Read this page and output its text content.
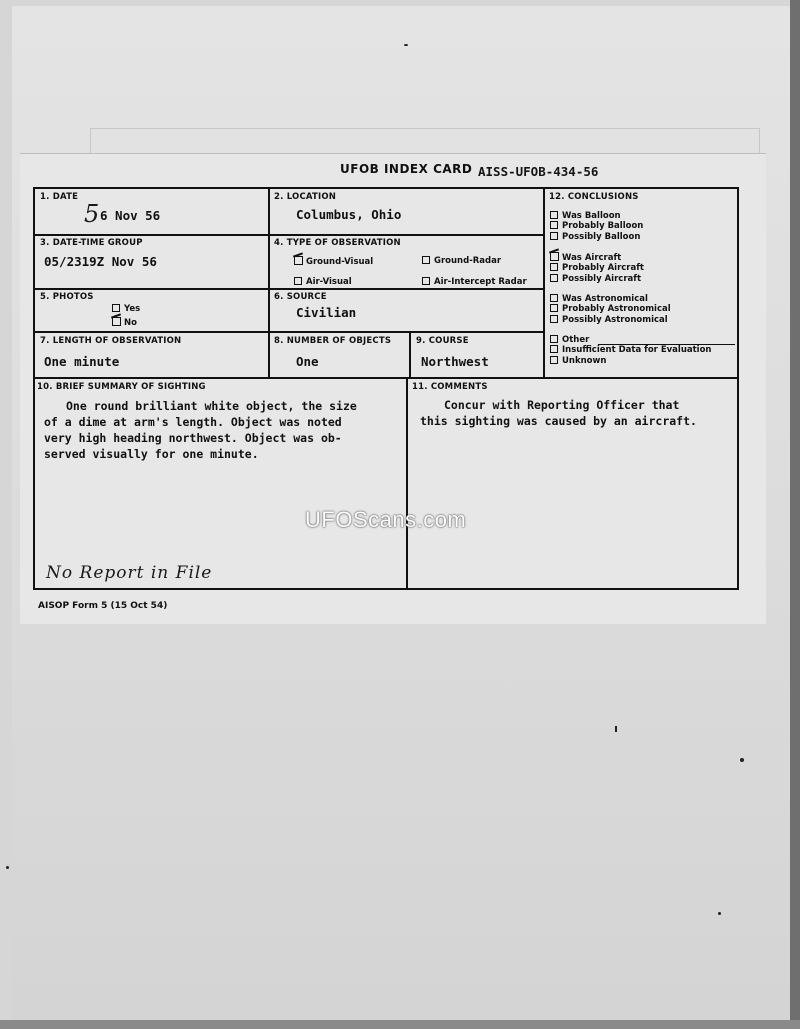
UFOB INDEX CARD AISS-UFOB-434-56
1. DATE
5 6 Nov 56
2. LOCATION
Columbus, Ohio
3. DATE-TIME GROUP
05/2319Z Nov 56
4. TYPE OF OBSERVATION
Ground-Visual	Ground-Radar
Air-Visual	Air-Intercept Radar
5. PHOTOS
Yes
No
6. SOURCE
Civilian
7. LENGTH OF OBSERVATION
One minute
8. NUMBER OF OBJECTS
One
9. COURSE
Northwest
12. CONCLUSIONS
Was Balloon
Probably Balloon
Possibly Balloon
Was Aircraft
Probably Aircraft
Possibly Aircraft
Was Astronomical
Probably Astronomical
Possibly Astronomical
Other
Insufficient Data for Evaluation
Unknown
10. BRIEF SUMMARY OF SIGHTING
One round brilliant white object, the size
of a dime at arm's length. Object was noted
very high heading northwest. Object was ob-
served visually for one minute.
No Report in File
11. COMMENTS
Concur with Reporting Officer that
this sighting was caused by an aircraft.
AISOP Form 5 (15 Oct 54)
UFOScans.com
